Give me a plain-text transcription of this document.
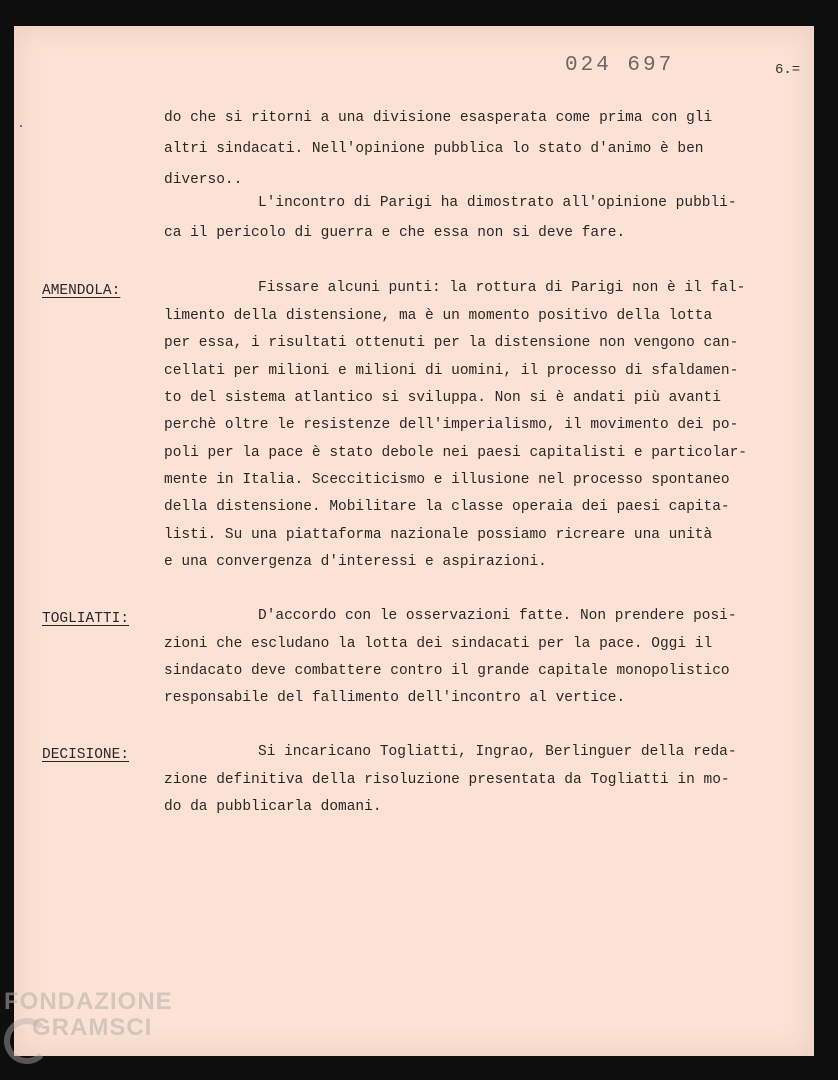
024 697	6.=
do che si ritorni a una divisione esasperata come prima con gli
altri sindacati. Nell'opinione pubblica lo stato d'animo è ben
diverso..
L'incontro di Parigi ha dimostrato all'opinione pubbli-
ca il pericolo di guerra e che essa non si deve fare.
AMENDOLA:	Fissare alcuni punti: la rottura di Parigi non è il fal-
limento della distensione, ma è un momento positivo della lotta
per essa, i risultati ottenuti per la distensione non vengono can-
cellati per milioni e milioni di uomini, il processo di sfaldamen-
to del sistema atlantico si sviluppa. Non si è andati più avanti
perchè oltre le resistenze dell'imperialismo, il movimento dei po-
poli per la pace è stato debole nei paesi capitalisti e particolar-
mente in Italia. Scecciticismo e illusione nel processo spontaneo
della distensione. Mobilitare la classe operaia dei paesi capita-
listi. Su una piattaforma nazionale possiamo ricreare una unità
e una convergenza d'interessi e aspirazioni.
TOGLIATTI:	D'accordo con le osservazioni fatte. Non prendere posi-
zioni che escludano la lotta dei sindacati per la pace. Oggi il
sindacato deve combattere contro il grande capitale monopolistico
responsabile del fallimento dell'incontro al vertice.
DECISIONE:	Si incaricano Togliatti, Ingrao, Berlinguer della reda-
zione definitiva della risoluzione presentata da Togliatti in mo-
do da pubblicarla domani.
FONDAZIONE
GRAMSCI
